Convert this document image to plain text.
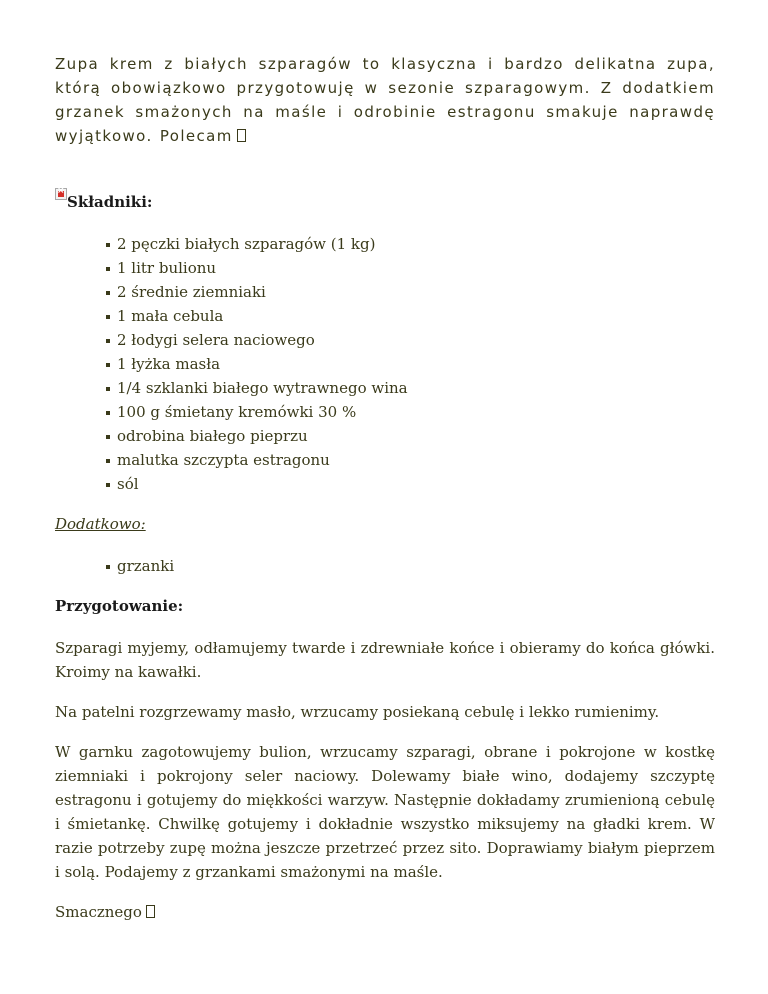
Zupa krem z białych szparagów to klasyczna i bardzo delikatna zupa, którą obowiązkowo przygotowuję w sezonie szparagowym. Z dodatkiem grzanek smażonych na maśle i odrobinie estragonu smakuje naprawdę wyjątkowo. Polecam

×

Składniki:

2 pęczki białych szparagów (1 kg)
1 litr bulionu
2 średnie ziemniaki
1 mała cebula
2 łodygi selera naciowego
1 łyżka masła
1/4 szklanki białego wytrawnego wina
100 g śmietany kremówki 30 %
odrobina białego pieprzu
malutka szczypta estragonu
sól

Dodatkowo:

grzanki

Przygotowanie:

Szparagi myjemy, odłamujemy twarde i zdrewniałe końce i obieramy do końca główki. Kroimy na kawałki.

Na patelni rozgrzewamy masło, wrzucamy posiekaną cebulę i lekko rumienimy.

W garnku zagotowujemy bulion, wrzucamy szparagi, obrane i pokrojone w kostkę ziemniaki i pokrojony seler naciowy. Dolewamy białe wino, dodajemy szczyptę estragonu i gotujemy do miękkości warzyw. Następnie dokładamy zrumienioną cebulę i śmietankę. Chwilkę gotujemy i dokładnie wszystko miksujemy na gładki krem. W razie potrzeby zupę można jeszcze przetrzeć przez sito. Doprawiamy białym pieprzem i solą. Podajemy z grzankami smażonymi na maśle.

Smacznego
